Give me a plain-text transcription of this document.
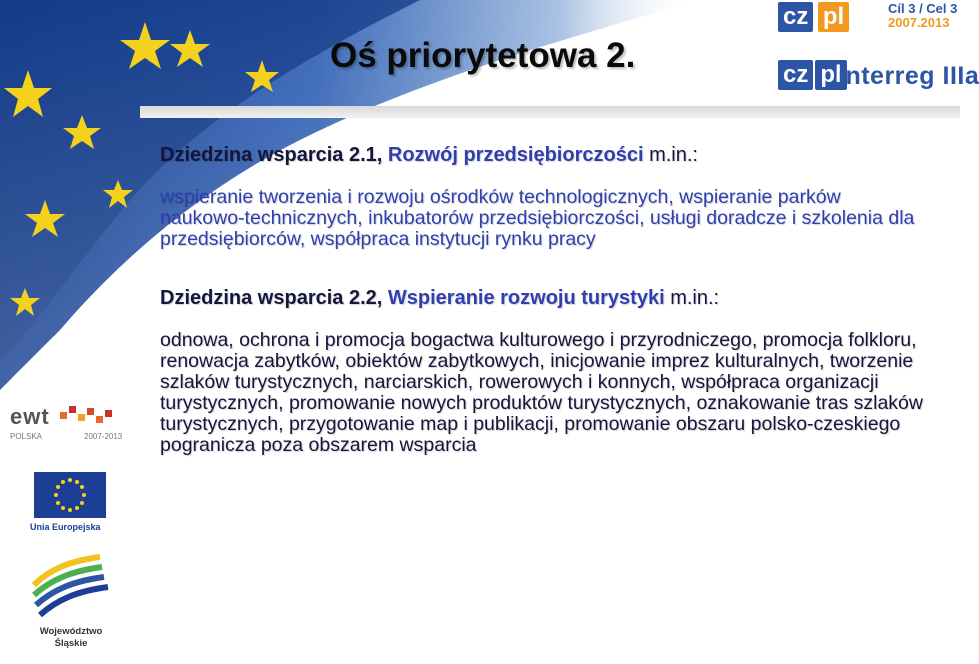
cz pl	Cíl 3 / Cel 3
2007.2013
cz pl
interreg IIIa
Oś priorytetowa 2.
Dziedzina wsparcia 2.1, Rozwój przedsiębiorczości m.in.:
wspieranie tworzenia i rozwoju ośrodków technologicznych, wspieranie parków naukowo-technicznych, inkubatorów przedsiębiorczości, usługi doradcze i szkolenia dla przedsiębiorców, współpraca instytucji rynku pracy
Dziedzina wsparcia 2.2, Wspieranie rozwoju turystyki m.in.:
odnowa, ochrona i promocja bogactwa kulturowego i przyrodniczego, promocja folkloru, renowacja zabytków, obiektów zabytkowych, inicjowanie imprez kulturalnych, tworzenie szlaków turystycznych, narciarskich, rowerowych i konnych, współpraca organizacji turystycznych, promowanie nowych produktów turystycznych, oznakowanie tras szlaków turystycznych, przygotowanie map i publikacji, promowanie obszaru polsko-czeskiego pogranicza poza obszarem wsparcia
ewt
POLSKA	2007-2013
Unia Europejska
Województwo Śląskie
